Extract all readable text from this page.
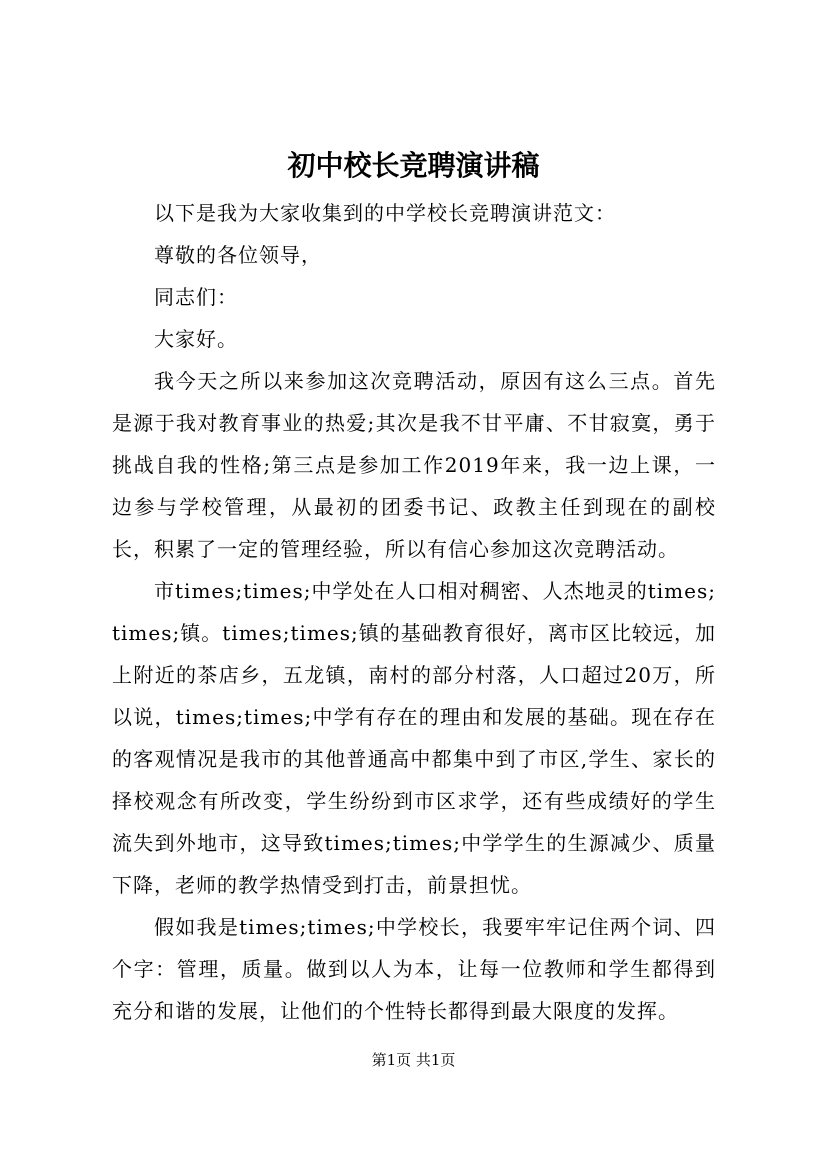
初中校长竞聘演讲稿

以下是我为大家收集到的中学校长竞聘演讲范文：

尊敬的各位领导，

同志们：

大家好。

我今天之所以来参加这次竞聘活动，原因有这么三点。首先是源于我对教育事业的热爱;其次是我不甘平庸、不甘寂寞，勇于挑战自我的性格;第三点是参加工作2019年来，我一边上课，一边参与学校管理，从最初的团委书记、政教主任到现在的副校长，积累了一定的管理经验，所以有信心参加这次竞聘活动。

市times;times;中学处在人口相对稠密、人杰地灵的times;times;镇。times;times;镇的基础教育很好，离市区比较远，加上附近的茶店乡，五龙镇，南村的部分村落，人口超过20万，所以说，times;times;中学有存在的理由和发展的基础。现在存在的客观情况是我市的其他普通高中都集中到了市区,学生、家长的择校观念有所改变，学生纷纷到市区求学，还有些成绩好的学生流失到外地市，这导致times;times;中学学生的生源减少、质量下降，老师的教学热情受到打击，前景担忧。

假如我是times;times;中学校长，我要牢牢记住两个词、四个字：管理，质量。做到以人为本，让每一位教师和学生都得到充分和谐的发展，让他们的个性特长都得到最大限度的发挥。

第1页 共1页
